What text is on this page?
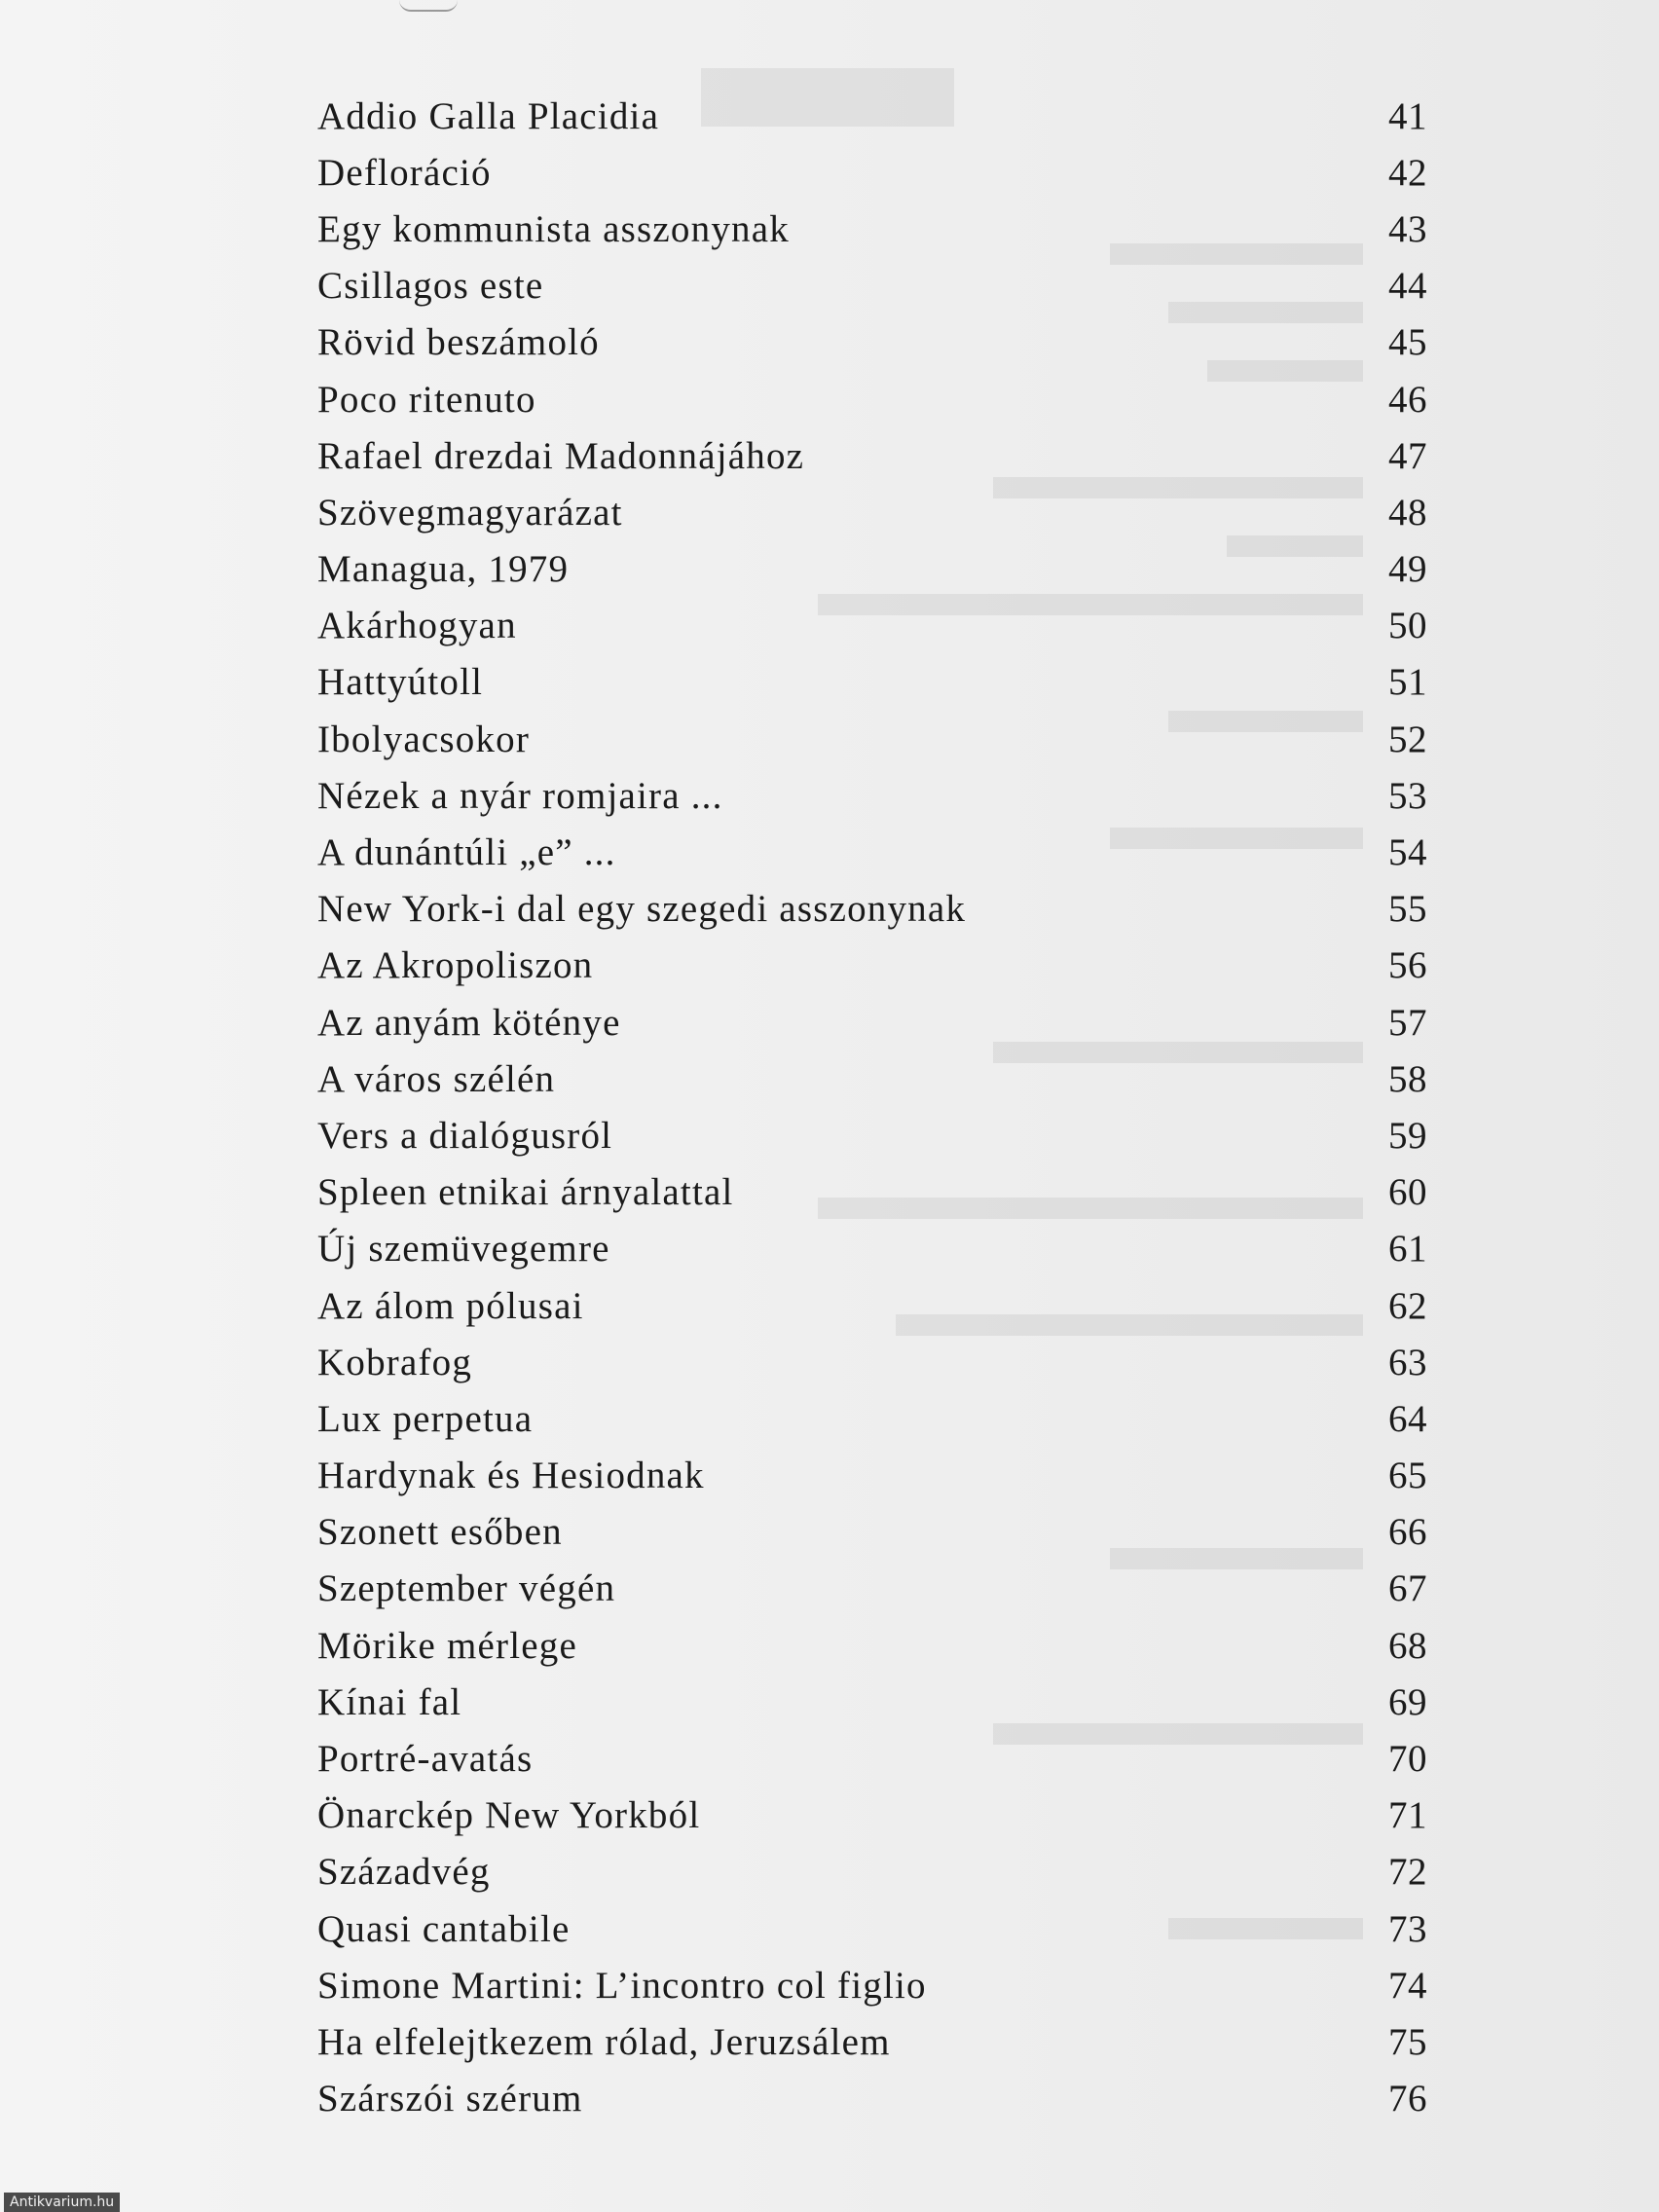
Addio Galla Placidia	41
Defloráció	42
Egy kommunista asszonynak	43
Csillagos este	44
Rövid beszámoló	45
Poco ritenuto	46
Rafael drezdai Madonnájához	47
Szövegmagyarázat	48
Managua, 1979	49
Akárhogyan	50
Hattyútoll	51
Ibolyacsokor	52
Nézek a nyár romjaira ...	53
A dunántúli „e” ...	54
New York-i dal egy szegedi asszonynak	55
Az Akropoliszon	56
Az anyám köténye	57
A város szélén	58
Vers a dialógusról	59
Spleen etnikai árnyalattal	60
Új szemüvegemre	61
Az álom pólusai	62
Kobrafog	63
Lux perpetua	64
Hardynak és Hesiodnak	65
Szonett esőben	66
Szeptember végén	67
Mörike mérlege	68
Kínai fal	69
Portré-avatás	70
Önarckép New Yorkból	71
Századvég	72
Quasi cantabile	73
Simone Martini: L’incontro col figlio	74
Ha elfelejtkezem rólad, Jeruzsálem	75
Szárszói szérum	76
Antikvarium.hu
